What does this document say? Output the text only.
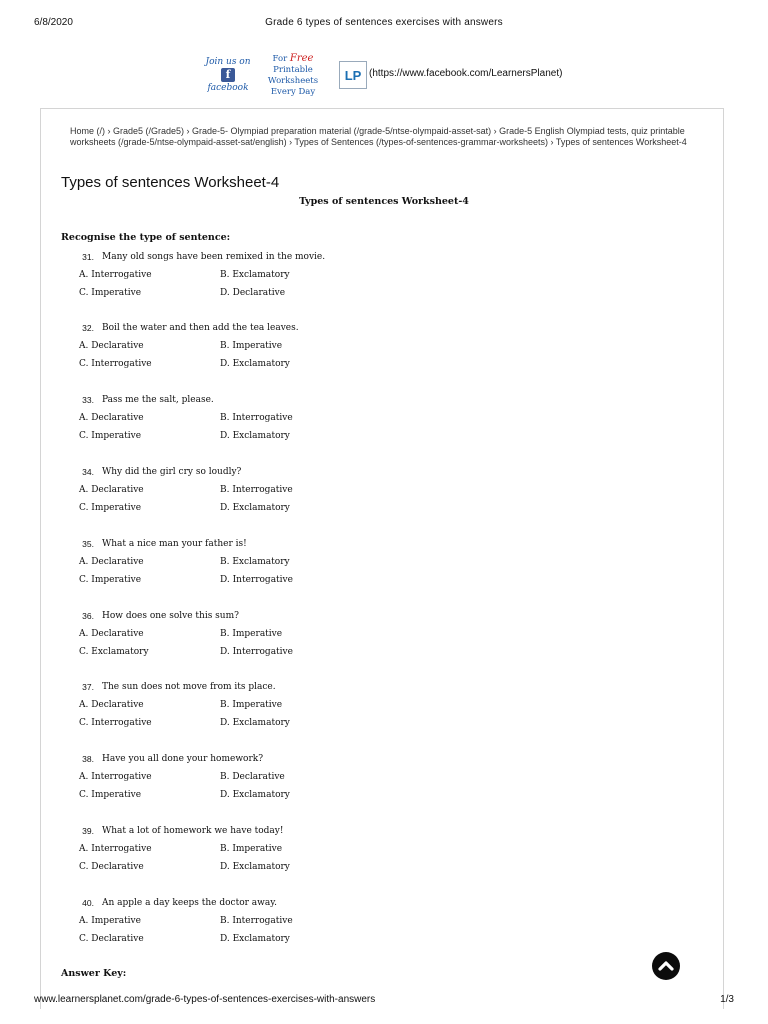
6/8/2020	Grade 6 types of sentences exercises with answers
Join us on
f
facebook
For Free
Printable Worksheets
Every Day
LP (https://www.facebook.com/LearnersPlanet)
Home (/) › Grade5 (/Grade5) › Grade-5- Olympiad preparation material (/grade-5/ntse-olympaid-asset-sat) › Grade-5 English Olympiad tests, quiz printable worksheets (/grade-5/ntse-olympaid-asset-sat/english) › Types of Sentences (/types-of-sentences-grammar-worksheets) › Types of sentences Worksheet-4
Types of sentences Worksheet-4
Types of sentences Worksheet-4
Recognise the type of sentence:
31. Many old songs have been remixed in the movie.
A. Interrogative	B. Exclamatory
C. Imperative	D. Declarative
32. Boil the water and then add the tea leaves.
A. Declarative	B. Imperative
C. Interrogative	D. Exclamatory
33. Pass me the salt, please.
A. Declarative	B. Interrogative
C. Imperative	D. Exclamatory
34. Why did the girl cry so loudly?
A. Declarative	B. Interrogative
C. Imperative	D. Exclamatory
35. What a nice man your father is!
A. Declarative	B. Exclamatory
C. Imperative	D. Interrogative
36. How does one solve this sum?
A. Declarative	B. Imperative
C. Exclamatory	D. Interrogative
37. The sun does not move from its place.
A. Declarative	B. Imperative
C. Interrogative	D. Exclamatory
38. Have you all done your homework?
A. Interrogative	B. Declarative
C. Imperative	D. Exclamatory
39. What a lot of homework we have today!
A. Interrogative	B. Imperative
C. Declarative	D. Exclamatory
40. An apple a day keeps the doctor away.
A. Imperative	B. Interrogative
C. Declarative	D. Exclamatory
Answer Key:
www.learnersplanet.com/grade-6-types-of-sentences-exercises-with-answers	1/3
